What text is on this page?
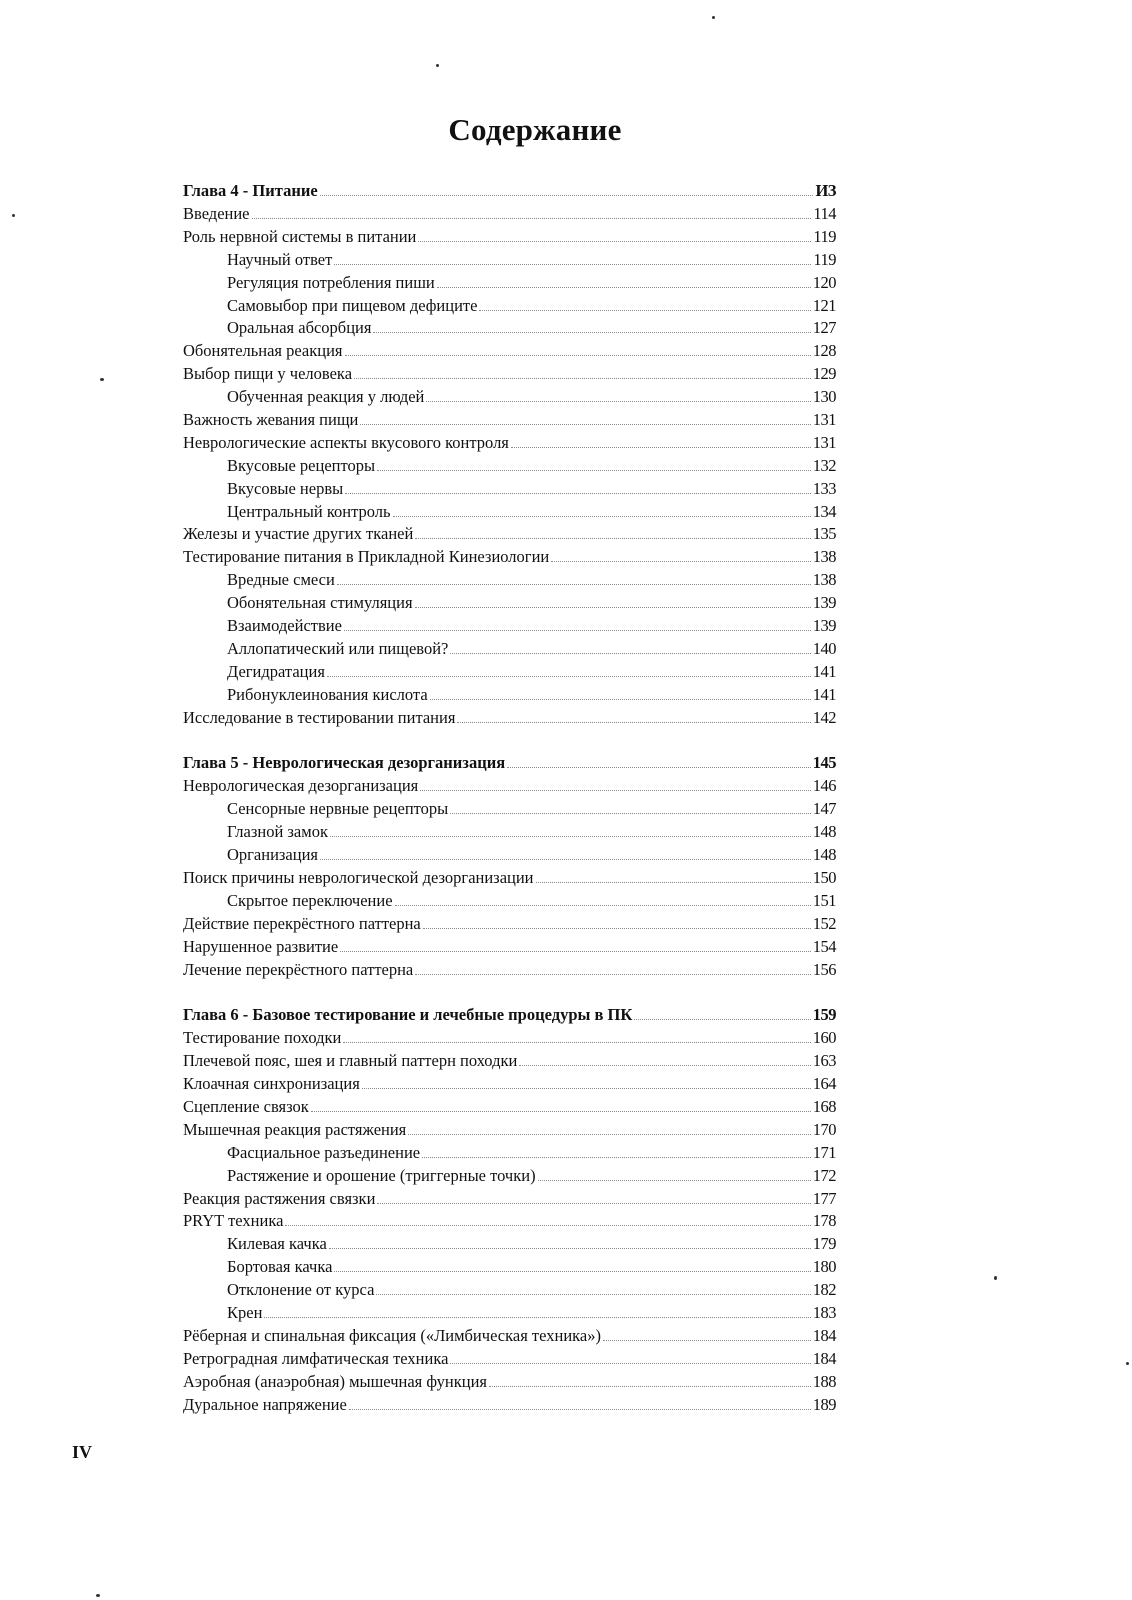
Содержание
Глава 4 - Питание	ИЗ
Введение	114
Роль нервной системы в питании	119
Научный ответ	119
Регуляция потребления пиши	120
Самовыбор при пищевом дефиците	121
Оральная абсорбция	127
Обонятельная реакция	128
Выбор пищи у человека	129
Обученная реакция у людей	130
Важность жевания пищи	131
Неврологические аспекты вкусового контроля	131
Вкусовые рецепторы	132
Вкусовые нервы	133
Центральный контроль	134
Железы и участие других тканей	135
Тестирование питания в Прикладной Кинезиологии	138
Вредные смеси	138
Обонятельная стимуляция	139
Взаимодействие	139
Аллопатический или пищевой?	140
Дегидратация	141
Рибонуклеинования кислота	141
Исследование в тестировании питания	142
Глава 5 - Неврологическая дезорганизация	145
Неврологическая дезорганизация	146
Сенсорные нервные рецепторы	147
Глазной замок	148
Организация	148
Поиск причины неврологической дезорганизации	150
Скрытое переключение	151
Действие перекрёстного паттерна	152
Нарушенное развитие	154
Лечение перекрёстного паттерна	156
Глава 6 - Базовое тестирование и лечебные процедуры в ПК	159
Тестирование походки	160
Плечевой пояс, шея и главный паттерн походки	163
Клоачная синхронизация	164
Сцепление связок	168
Мышечная реакция растяжения	170
Фасциальное разъединение	171
Растяжение и орошение (триггерные точки)	172
Реакция растяжения связки	177
PRYT техника	178
Килевая качка	179
Бортовая качка	180
Отклонение от курса	182
Крен	183
Рёберная и спинальная фиксация («Лимбическая техника»)	184
Ретроградная лимфатическая техника	184
Аэробная (анаэробная) мышечная функция	188
Дуральное напряжение	189
IV
